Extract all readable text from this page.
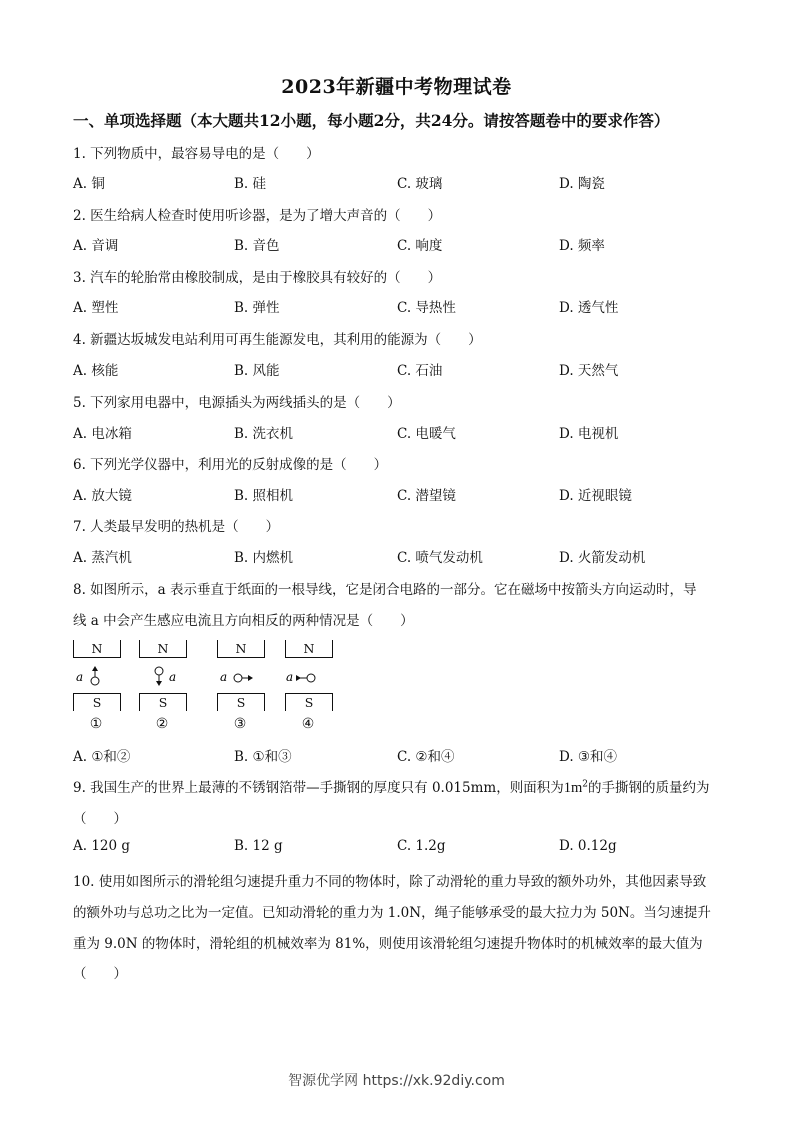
2023年新疆中考物理试卷
一、单项选择题（本大题共12小题，每小题2分，共24分。请按答题卷中的要求作答）
1. 下列物质中，最容易导电的是（　　）
A. 铜	B. 硅	C. 玻璃	D. 陶瓷
2. 医生给病人检查时使用听诊器，是为了增大声音的（　　）
A. 音调	B. 音色	C. 响度	D. 频率
3. 汽车的轮胎常由橡胶制成，是由于橡胶具有较好的（　　）
A. 塑性	B. 弹性	C. 导热性	D. 透气性
4. 新疆达坂城发电站利用可再生能源发电，其利用的能源为（　　）
A. 核能	B. 风能	C. 石油	D. 天然气
5. 下列家用电器中，电源插头为两线插头的是（　　）
A. 电冰箱	B. 洗衣机	C. 电暖气	D. 电视机
6. 下列光学仪器中，利用光的反射成像的是（　　）
A. 放大镜	B. 照相机	C. 潜望镜	D. 近视眼镜
7. 人类最早发明的热机是（　　）
A. 蒸汽机	B. 内燃机	C. 喷气发动机	D. 火箭发动机
8. 如图所示，a 表示垂直于纸面的一根导线，它是闭合电路的一部分。它在磁场中按箭头方向运动时，导
线 a 中会产生感应电流且方向相反的两种情况是（　　）
N
a
S
①
N
a
S
②
N
a
S
③
N
a
S
④
A. ①和②	B. ①和③	C. ②和④	D. ③和④
9. 我国生产的世界上最薄的不锈钢箔带—手撕钢的厚度只有 0.015mm，则面积为$1m^2$的手撕钢的质量约为
（　　）
A. 120 g	B. 12 g	C. 1.2g	D. 0.12g
10. 使用如图所示的滑轮组匀速提升重力不同的物体时，除了动滑轮的重力导致的额外功外，其他因素导致
的额外功与总功之比为一定值。已知动滑轮的重力为 1.0N，绳子能够承受的最大拉力为 50N。当匀速提升
重为 9.0N 的物体时，滑轮组的机械效率为 81%，则使用该滑轮组匀速提升物体时的机械效率的最大值为
（　　）
智源优学网 https://xk.92diy.com
